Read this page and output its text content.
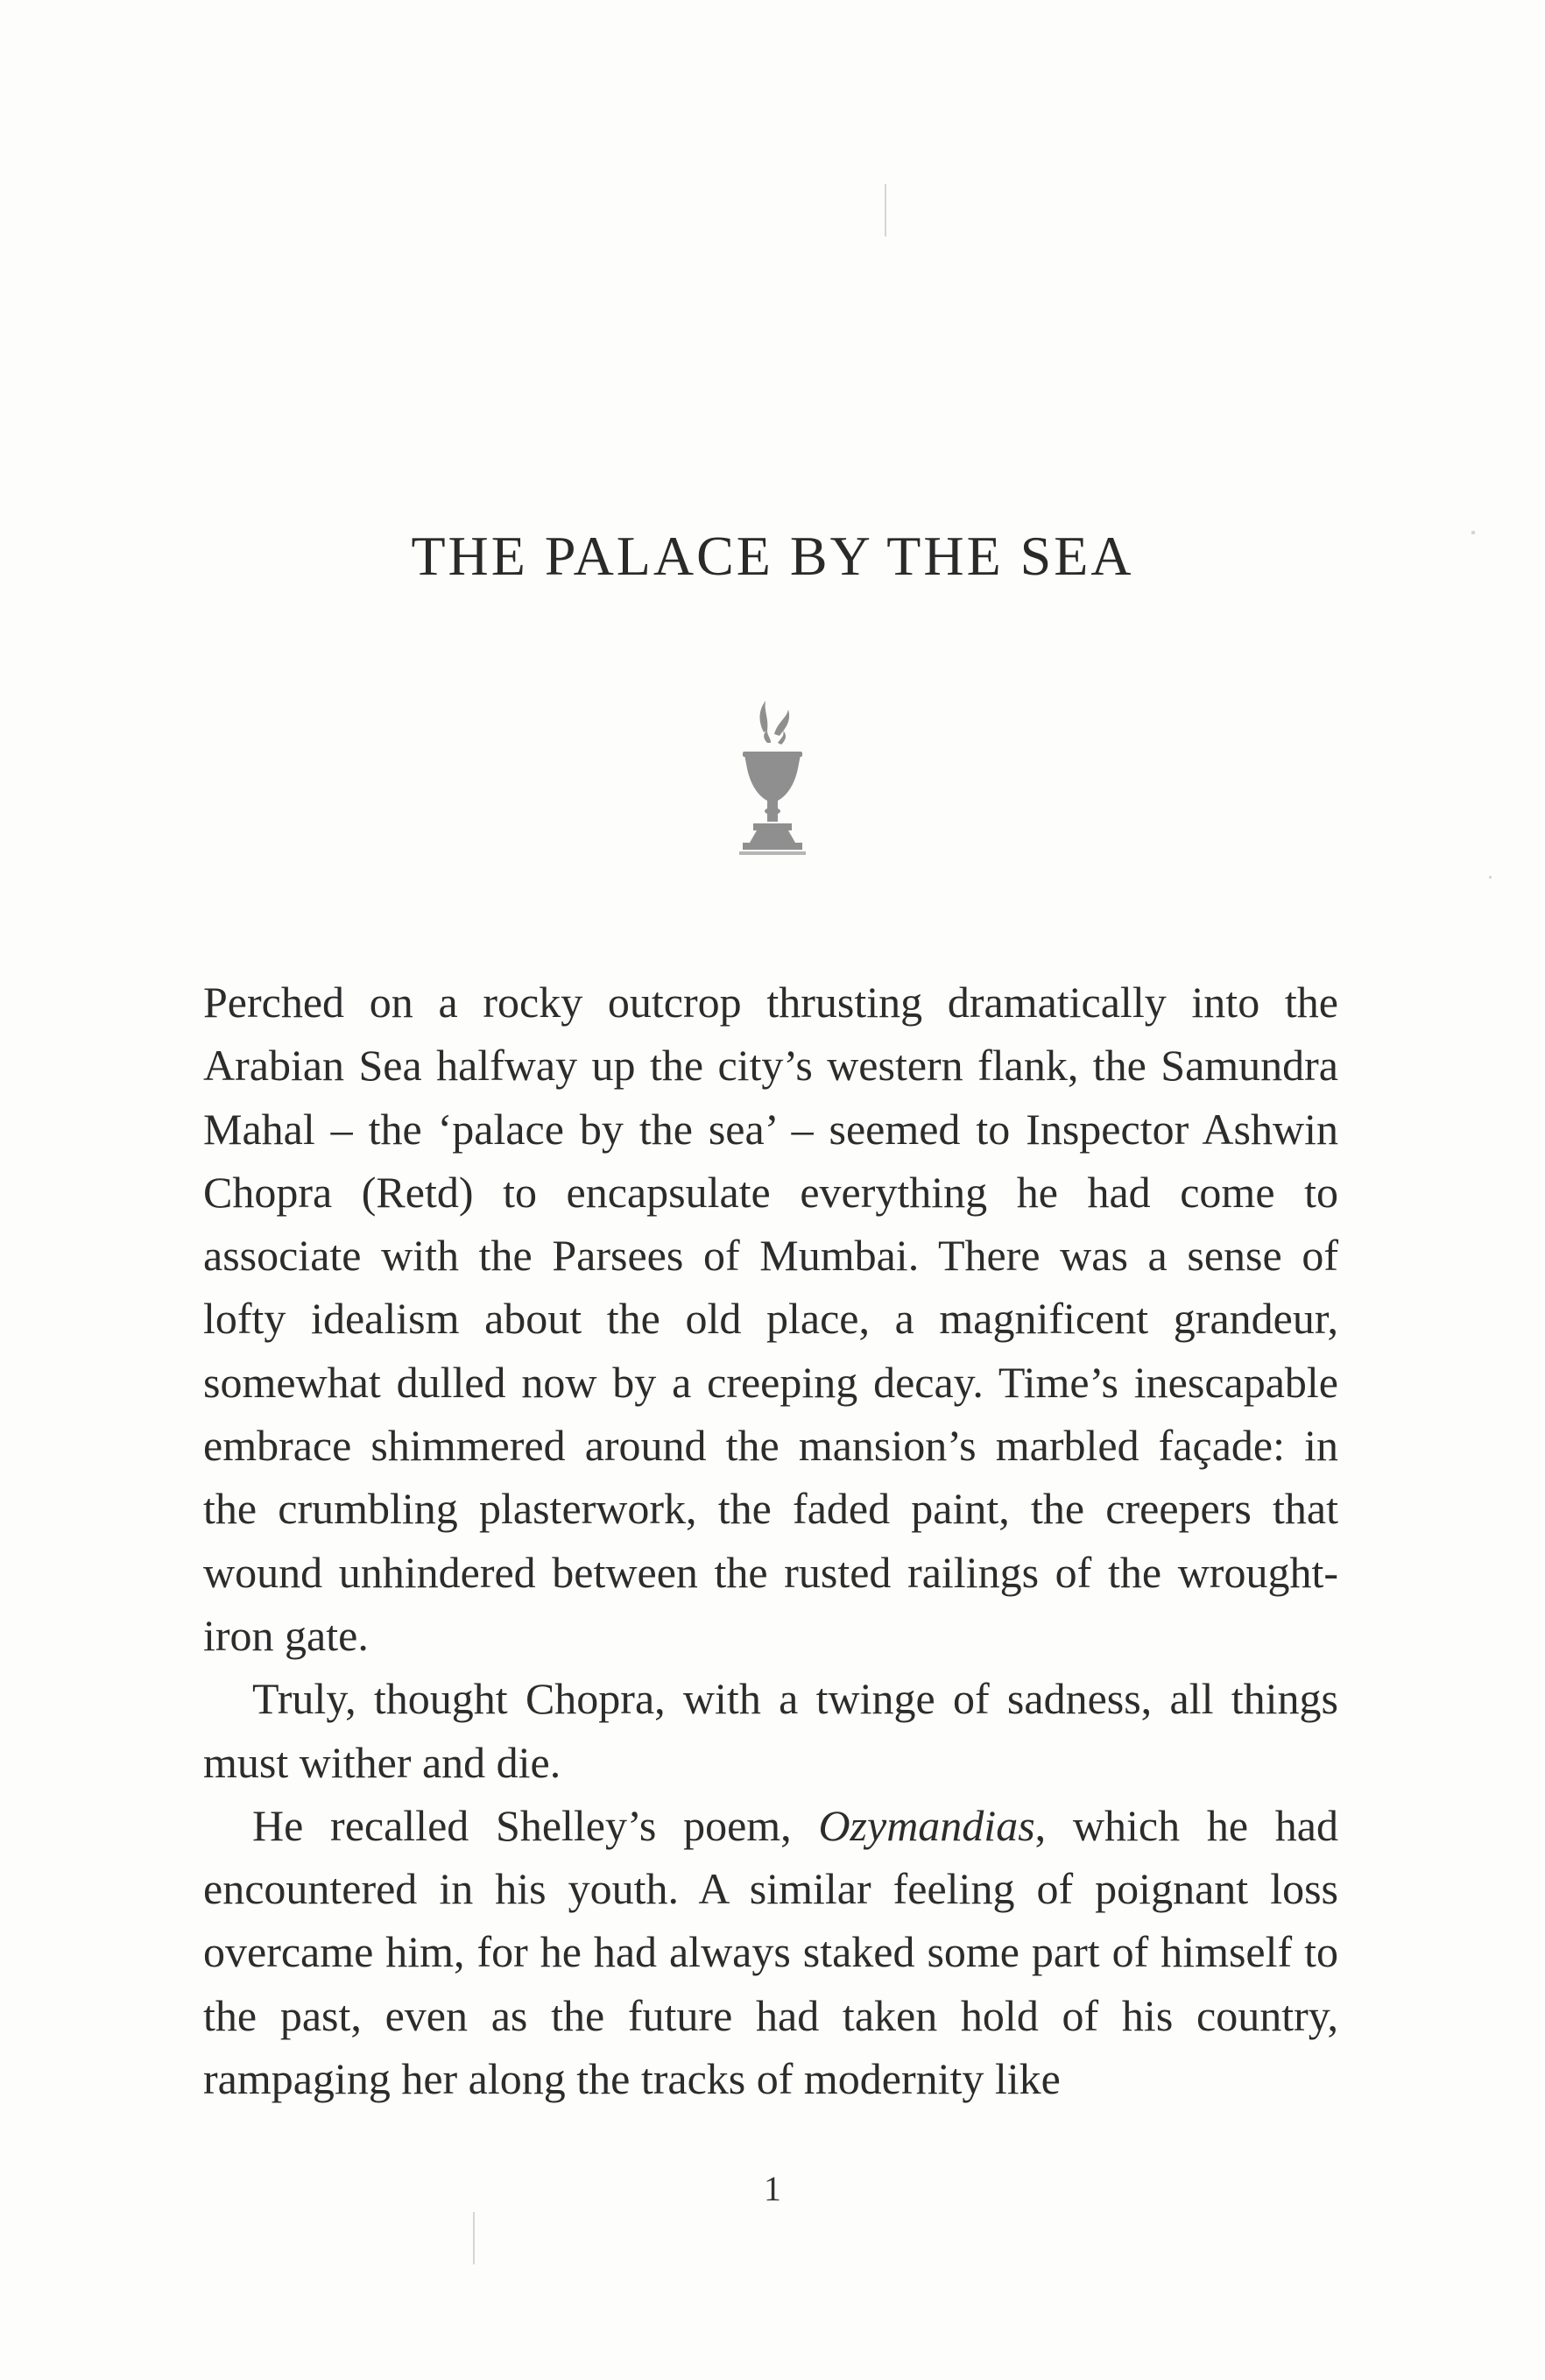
THE PALACE BY THE SEA

Perched on a rocky outcrop thrusting dramatically into the Arabian Sea halfway up the city’s western flank, the Samundra Mahal – the ‘palace by the sea’ – seemed to Inspector Ashwin Chopra (Retd) to encapsulate everything he had come to associate with the Parsees of Mumbai. There was a sense of lofty idealism about the old place, a magnificent grandeur, somewhat dulled now by a creeping decay. Time’s inescapable embrace shimmered around the mansion’s marbled façade: in the crumbling plasterwork, the faded paint, the creepers that wound unhindered between the rusted railings of the wrought-iron gate.

Truly, thought Chopra, with a twinge of sadness, all things must wither and die.

He recalled Shelley’s poem, Ozymandias, which he had encountered in his youth. A similar feeling of poignant loss overcame him, for he had always staked some part of himself to the past, even as the future had taken hold of his country, rampaging her along the tracks of modernity like

1
